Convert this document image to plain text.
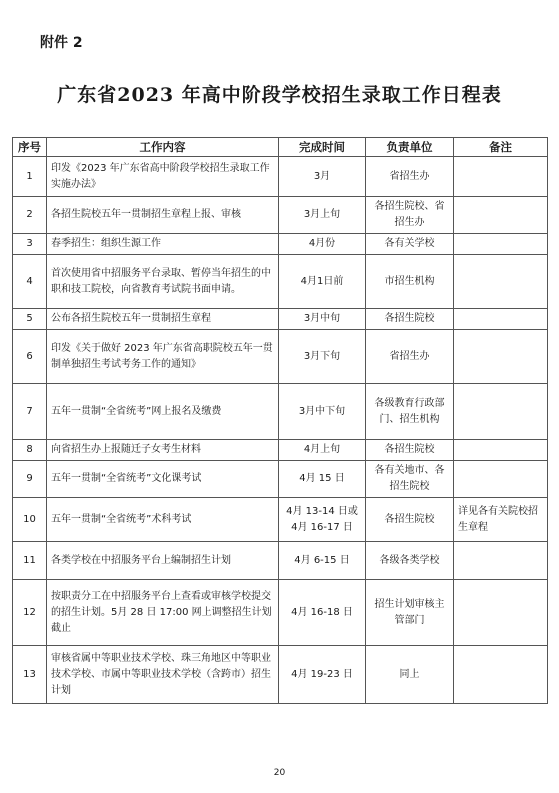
附件 2
广东省2023 年高中阶段学校招生录取工作日程表
序号	工作内容	完成时间	负责单位	备注
1	印发《2023 年广东省高中阶段学校招生录取工作实施办法》	3月	省招生办	
2	各招生院校五年一贯制招生章程上报、审核	3月上旬	各招生院校、省招生办	
3	春季招生：组织生源工作	4月份	各有关学校	
4	首次使用省中招服务平台录取、暂停当年招生的中职和技工院校，向省教育考试院书面申请。	4月1日前	市招生机构	
5	公布各招生院校五年一贯制招生章程	3月中旬	各招生院校	
6	印发《关于做好 2023 年广东省高职院校五年一贯制单独招生考试考务工作的通知》	3月下旬	省招生办	
7	五年一贯制“全省统考”网上报名及缴费	3月中下旬	各级教育行政部门、招生机构	
8	向省招生办上报随迁子女考生材料	4月上旬	各招生院校	
9	五年一贯制“全省统考”文化课考试	4月 15 日	各有关地市、各招生院校	
10	五年一贯制“全省统考”术科考试	4月 13-14 日或 4月 16-17 日	各招生院校	详见各有关院校招生章程
11	各类学校在中招服务平台上编制招生计划	4月 6-15 日	各级各类学校	
12	按职责分工在中招服务平台上查看或审核学校提交的招生计划。5月 28 日 17:00 网上调整招生计划截止	4月 16-18 日	招生计划审核主管部门	
13	审核省属中等职业技术学校、珠三角地区中等职业技术学校、市属中等职业技术学校（含跨市）招生计划	4月 19-23 日	同上	
20
